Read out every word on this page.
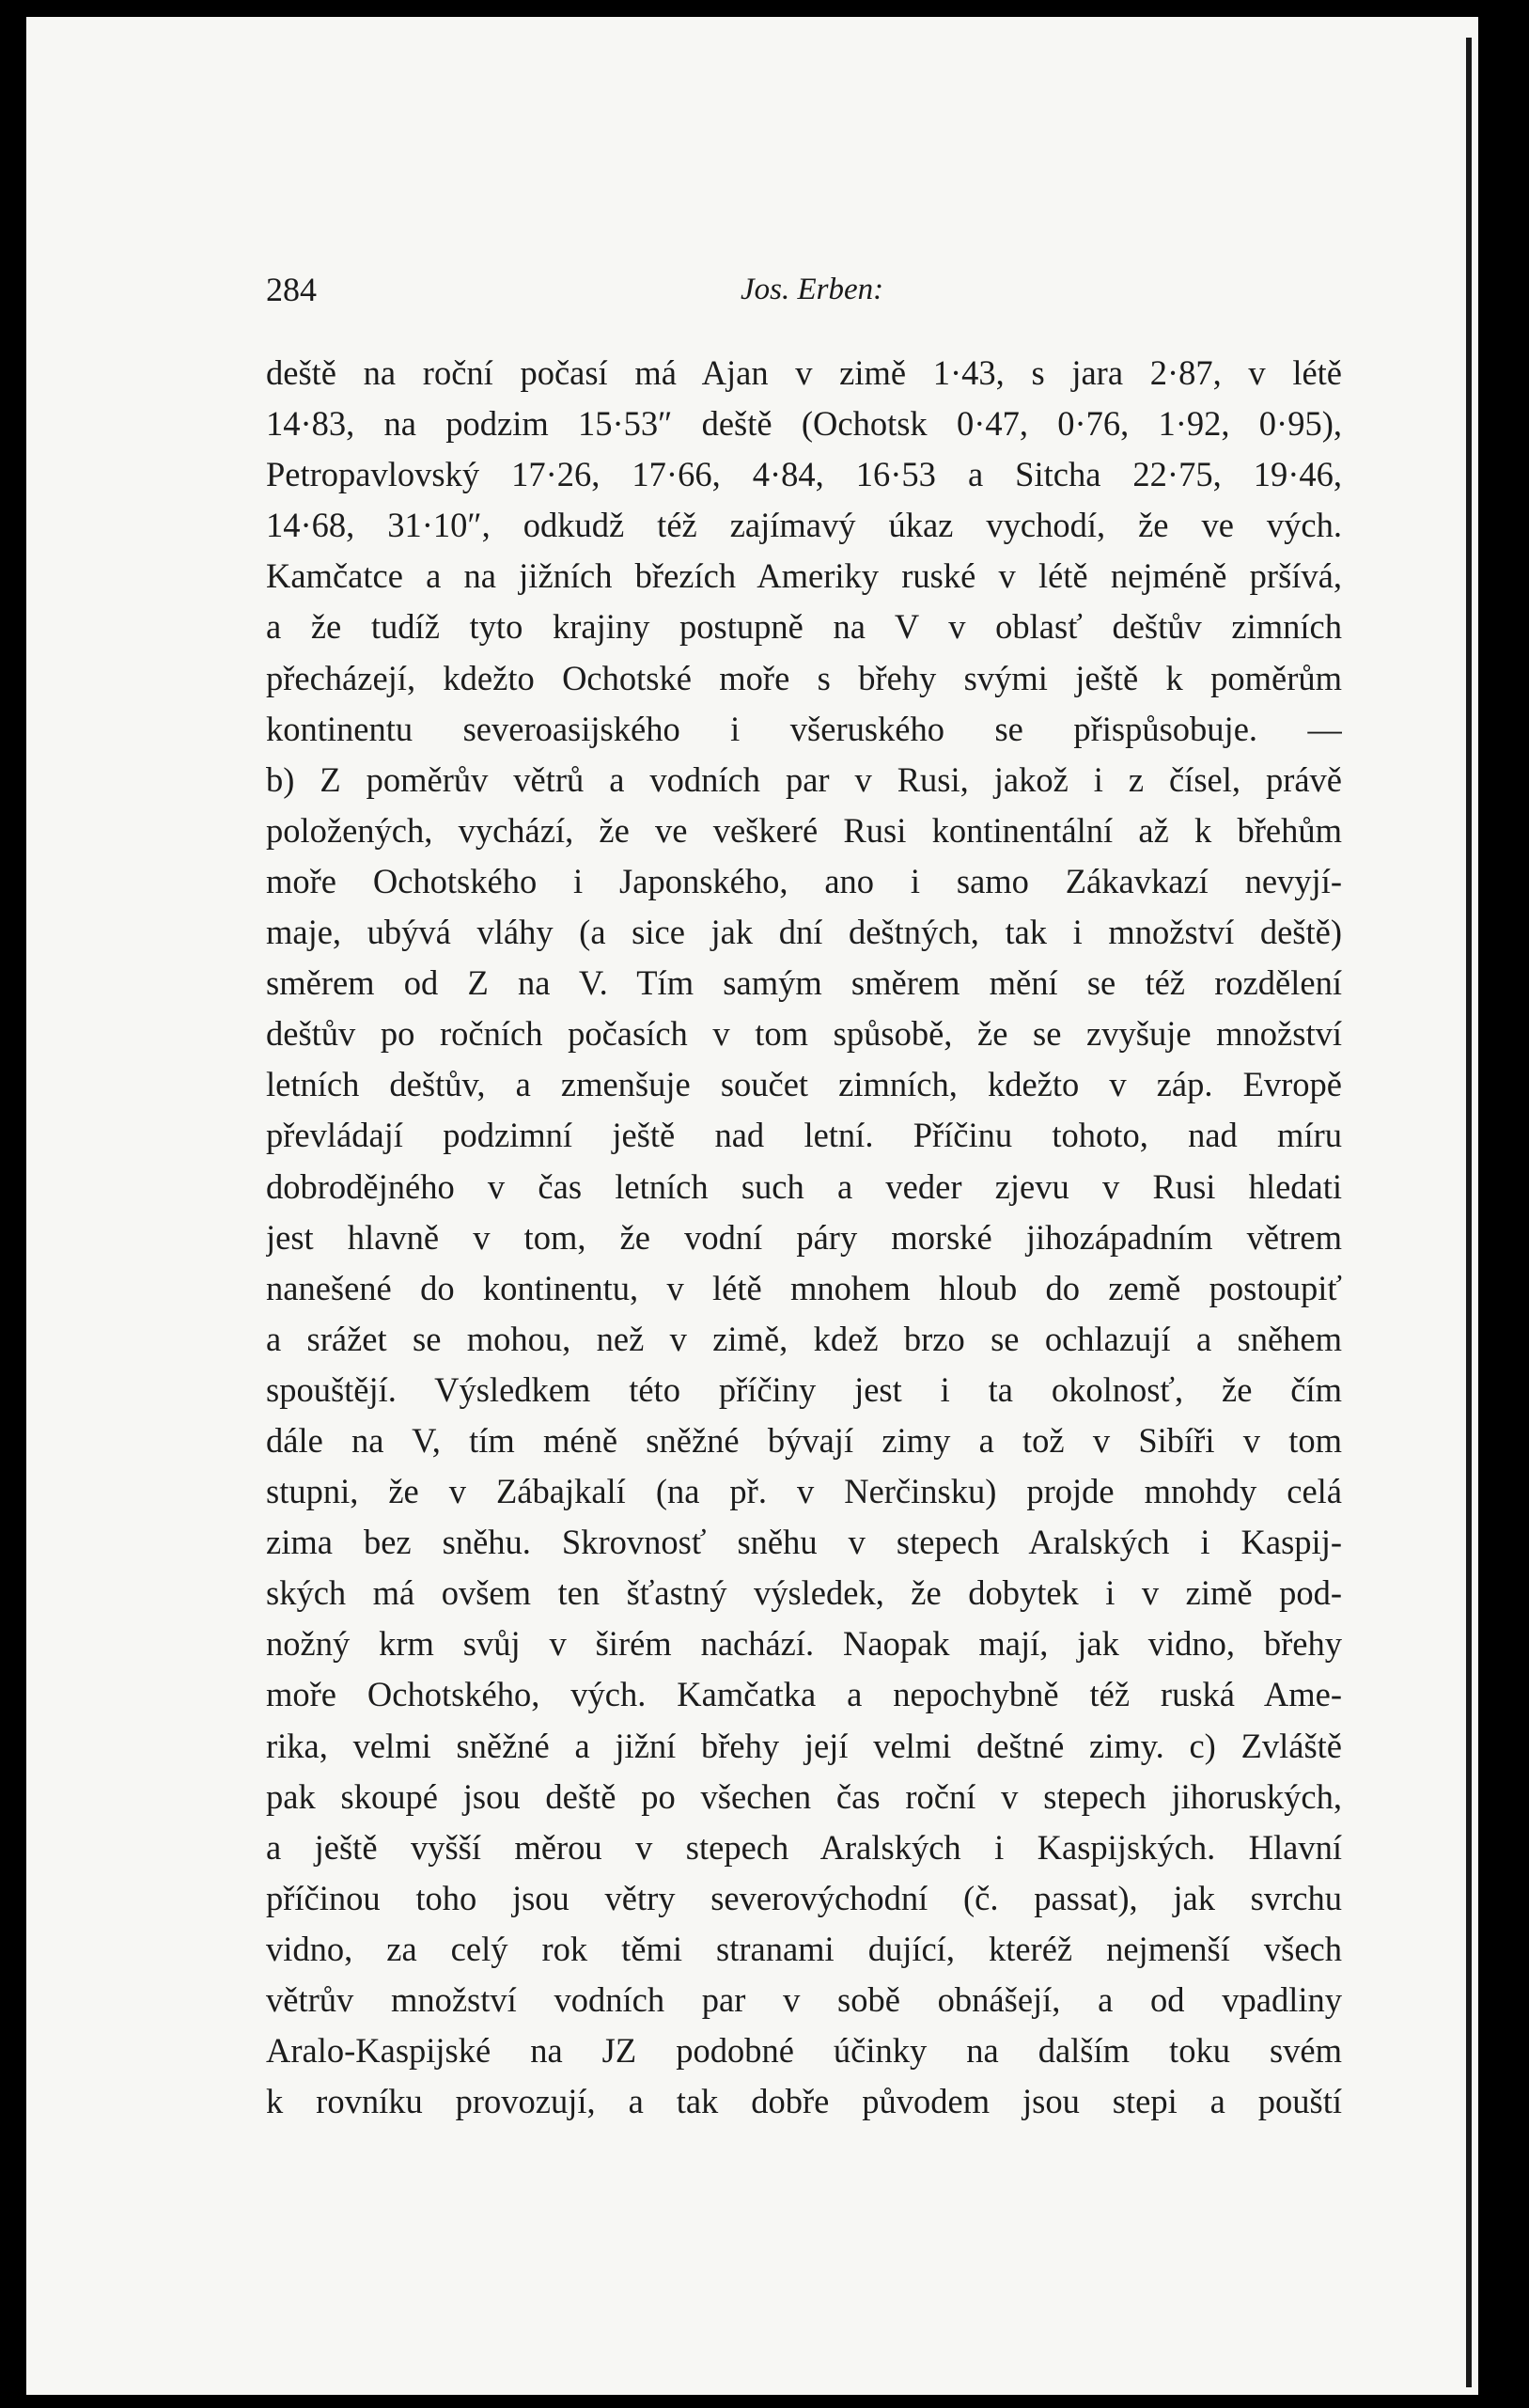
284	Jos. Erben:
deště na roční počasí má Ajan v zimě 1·43, s jara 2·87, v létě
14·83, na podzim 15·53″ deště (Ochotsk 0·47, 0·76, 1·92, 0·95),
Petropavlovský 17·26, 17·66, 4·84, 16·53 a Sitcha 22·75, 19·46,
14·68, 31·10″, odkudž též zajímavý úkaz vychodí, že ve vých.
Kamčatce a na jižních březích Ameriky ruské v létě nejméně pršívá,
a že tudíž tyto krajiny postupně na V v oblasť deštův zimních
přecházejí, kdežto Ochotské moře s břehy svými ještě k poměrům
kontinentu severoasijského i všeruského se přispůsobuje. —
b) Z poměrův větrů a vodních par v Rusi, jakož i z čísel, právě
položených, vychází, že ve veškeré Rusi kontinentální až k břehům
moře Ochotského i Japonského, ano i samo Zákavkazí nevyjí-
maje, ubývá vláhy (a sice jak dní deštných, tak i množství deště)
směrem od Z na V. Tím samým směrem mění se též rozdělení
deštův po ročních počasích v tom spůsobě, že se zvyšuje množství
letních deštův, a zmenšuje součet zimních, kdežto v záp. Evropě
převládají podzimní ještě nad letní. Příčinu tohoto, nad míru
dobrodějného v čas letních such a veder zjevu v Rusi hledati
jest hlavně v tom, že vodní páry morské jihozápadním větrem
nanešené do kontinentu, v létě mnohem hloub do země postoupiť
a srážet se mohou, než v zimě, kdež brzo se ochlazují a sněhem
spouštějí. Výsledkem této příčiny jest i ta okolnosť, že čím
dále na V, tím méně sněžné bývají zimy a tož v Sibíři v tom
stupni, že v Zábajkalí (na př. v Nerčinsku) projde mnohdy celá
zima bez sněhu. Skrovnosť sněhu v stepech Aralských i Kaspij-
ských má ovšem ten šťastný výsledek, že dobytek i v zimě pod-
nožný krm svůj v širém nachází. Naopak mají, jak vidno, břehy
moře Ochotského, vých. Kamčatka a nepochybně též ruská Ame-
rika, velmi sněžné a jižní břehy její velmi deštné zimy. c) Zvláště
pak skoupé jsou deště po všechen čas roční v stepech jihoruských,
a ještě vyšší měrou v stepech Aralských i Kaspijských. Hlavní
příčinou toho jsou větry severovýchodní (č. passat), jak svrchu
vidno, za celý rok těmi stranami dující, kteréž nejmenší všech
větrův množství vodních par v sobě obnášejí, a od vpadliny
Aralo-Kaspijské na JZ podobné účinky na dalším toku svém
k rovníku provozují, a tak dobře původem jsou stepi a pouští
